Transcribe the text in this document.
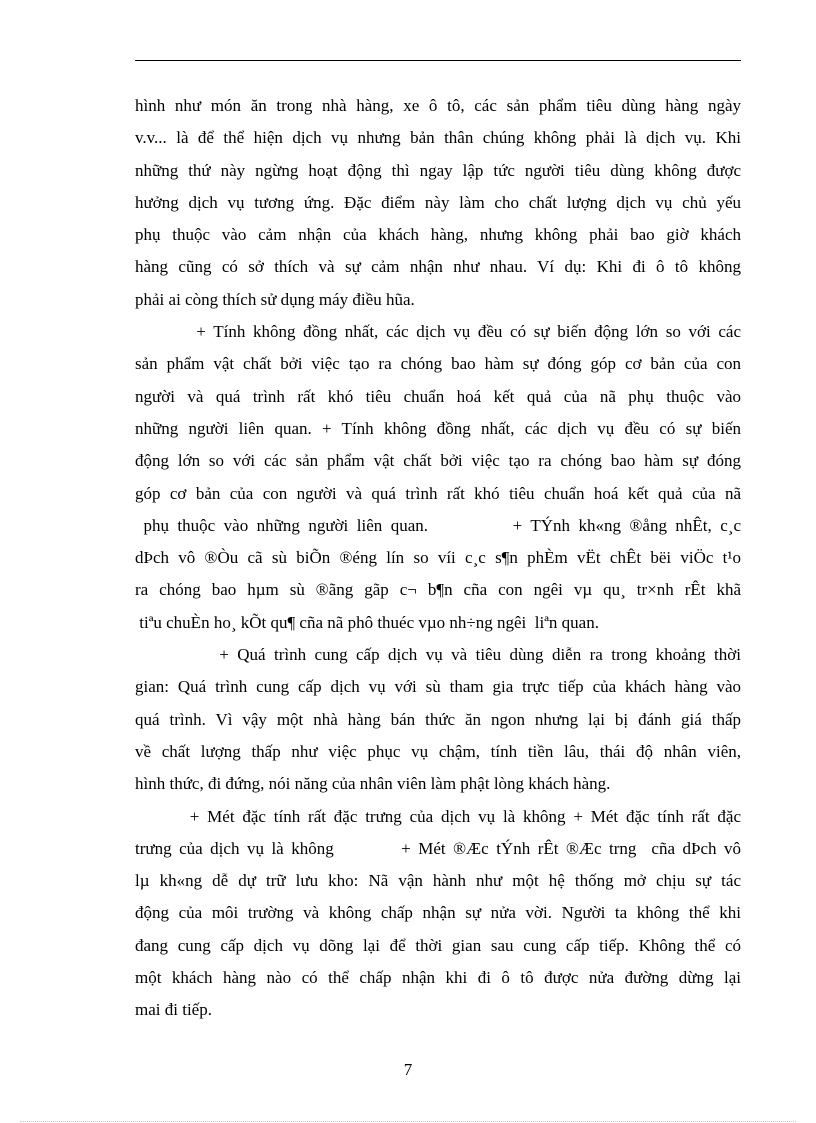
hình như món ăn trong nhà hàng, xe ô tô, các sản phẩm tiêu dùng hàng ngày
v.v... là để thể hiện dịch vụ nhưng bản thân chúng không phải là dịch vụ. Khi
những thứ này ngừng hoạt động thì ngay lập tức người tiêu dùng không được
hưởng dịch vụ tương ứng. Đặc điểm này làm cho chất lượng dịch vụ chủ yếu
phụ thuộc vào cảm nhận của khách hàng, nhưng không phải bao giờ khách
hàng cũng có sở thích và sự cảm nhận như nhau. Ví dụ: Khi đi ô tô không
phải ai còng thích sử dụng máy điều hũa.
+ Tính không đồng nhất, các dịch vụ đều có sự biến động lớn so với các
sản phẩm vật chất bởi việc tạo ra chóng bao hàm sự đóng góp cơ bản của con
người và quá trình rất khó tiêu chuẩn hoá kết quả của nã phụ thuộc vào
những người liên quan. + Tính không đồng nhất, các dịch vụ đều có sự biến
động lớn so với các sản phẩm vật chất bởi việc tạo ra chóng bao hàm sự đóng
góp cơ bản của con người và quá trình rất khó tiêu chuẩn hoá kết quả của nã
phụ thuộc vào những người liên quan.          + TÝnh kh«ng ®ång nhÊt, c¸c
dÞch vô ®Òu cã sù biÕn ®éng lín so víi c¸c s¶n phÈm vËt chÊt bëi viÖc t¹o
ra chóng bao hµm sù ®ãng gãp c¬ b¶n cña con ngêi vµ qu¸ tr×nh rÊt khã
tiªu chuÈn ho¸ kÕt qu¶ cña nã phô thuéc vµo nh÷ng ngêi  liªn quan.
+ Quá trình cung cấp dịch vụ và tiêu dùng diễn ra trong khoảng thời
gian: Quá trình cung cấp dịch vụ với sù tham gia trực tiếp của khách hàng vào
quá trình. Vì vậy một nhà hàng bán thức ăn ngon nhưng lại bị đánh giá thấp
về chất lượng thấp như việc phục vụ chậm, tính tiền lâu, thái độ nhân viên,
hình thức, đi đứng, nói năng của nhân viên làm phật lòng khách hàng.
+ Mét đặc tính rất đặc trưng của dịch vụ là không + Mét đặc tính rất đặc
trưng của dịch vụ là không         + Mét ®Æc tÝnh rÊt ®Æc trng  cña dÞch vô
lµ kh«ng dễ dự trữ lưu kho: Nã vận hành như một hệ thống mở chịu sự tác
động của môi trường và không chấp nhận sự nửa vời. Người ta không thể khi
đang cung cấp dịch vụ dõng lại để thời gian sau cung cấp tiếp. Không thể có
một khách hàng nào có thể chấp nhận khi đi ô tô được nửa đường dừng lại
mai đi tiếp.
7
